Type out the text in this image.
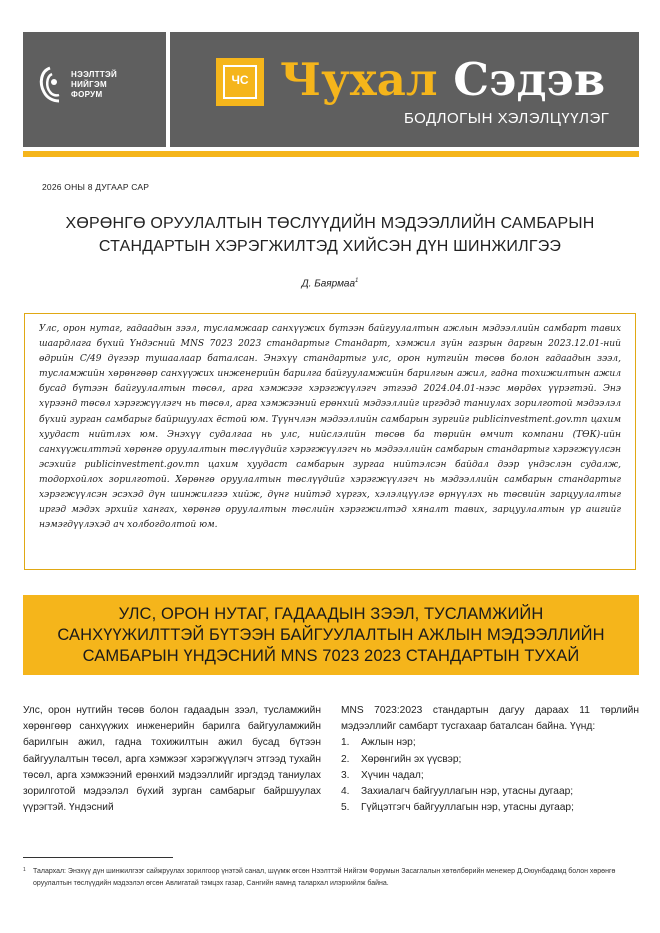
НЭЭЛТТЭЙ
НИЙГЭМ
ФОРУМ
ЧС Чухал Сэдэв
БОДЛОГЫН ХЭЛЭЛЦҮҮЛЭГ
2026 ОНЫ 8 ДУГААР САР
ХӨРӨНГӨ ОРУУЛАЛТЫН ТӨСЛҮҮДИЙН МЭДЭЭЛЛИЙН САМБАРЫН
СТАНДАРТЫН ХЭРЭГЖИЛТЭД ХИЙСЭН ДҮН ШИНЖИЛГЭЭ
Д. Баярмаа$^1$
Улс, орон нутаг, гадаадын зээл, тусламжаар санхүүжих бүтээн байгуулалтын ажлын мэдээллийн самбарт тавих шаардлага бүхий Үндэсний MNS 7023 2023 стандартыг Стандарт, хэмжил зүйн газрын даргын 2023.12.01-ний өдрийн С/49 дүгээр тушаалаар баталсан. Энэхүү стандартыг улс, орон нутгийн төсөв болон гадаадын зээл, тусламжийн хөрөнгөөр санхүүжих инженерийн барилга байгууламжийн барилгын ажил, гадна тохижилтын ажил бусад бүтээн байгуулалтын төсөл, арга хэмжээг хэрэгжүүлэгч этгээд 2024.04.01-нээс мөрдөх үүрэгтэй. Энэ хүрээнд төсөл хэрэгжүүлэгч нь төсөл, арга хэмжээний ерөнхий мэдээллийг иргэдэд таниулах зорилготой мэдээлэл бүхий зурган самбарыг байршуулах ёстой юм. Түүнчлэн мэдээллийн самбарын зургийг publicinvestment.gov.mn цахим хуудаст нийтлэх юм. Энэхүү судалгаа нь улс, нийслэлийн төсөв ба төрийн өмчит компани (ТӨК)-ийн санхүүжилттэй хөрөнгө оруулалтын төслүүдийг хэрэгжүүлэгч нь мэдээллийн самбарын стандартыг хэрэгжүүлсэн эсэхийг publicinvestment.gov.mn цахим хуудаст самбарын зургаа нийтэлсэн байдал дээр үндэслэн судалж, тодорхойлох зорилготой. Хөрөнгө оруулалтын төслүүдийг хэрэгжүүлэгч нь мэдээллийн самбарын стандартыг хэрэгжүүлсэн эсэхэд дүн шинжилгээ хийж, дүнг нийтэд хүргэх, хэлэлцүүлэг өрнүүлэх нь төсвийн зарцуулалтыг иргэд мэдэх эрхийг хангах, хөрөнгө оруулалтын төслийн хэрэгжилтэд хяналт тавих, зарцуулалтын үр ашгийг нэмэгдүүлэхэд ач холбогдолтой юм.
УЛС, ОРОН НУТАГ, ГАДААДЫН ЗЭЭЛ, ТУСЛАМЖИЙН
САНХҮҮЖИЛТТЭЙ БҮТЭЭН БАЙГУУЛАЛТЫН АЖЛЫН МЭДЭЭЛЛИЙН
САМБАРЫН ҮНДЭСНИЙ MNS 7023 2023 СТАНДАРТЫН ТУХАЙ
Улс, орон нутгийн төсөв болон гадаадын зээл, тусламжийн хөрөнгөөр санхүүжих инженерийн барилга байгууламжийн барилгын ажил, гадна тохижилтын ажил бусад бүтээн байгуулалтын төсөл, арга хэмжээг хэрэгжүүлэгч этгээд тухайн төсөл, арга хэмжээний ерөнхий мэдээллийг иргэдэд таниулах зорилготой мэдээлэл бүхий зурган самбарыг байршуулах үүрэгтэй. Үндэсний
MNS 7023:2023 стандартын дагуу дараах 11 төрлийн мэдээллийг самбарт тусгахаар баталсан байна. Үүнд:
1.	Ажлын нэр;
2.	Хөрөнгийн эх үүсвэр;
3.	Хүчин чадал;
4.	Захиалагч байгууллагын нэр, утасны дугаар;
5.	Гүйцэтгэгч байгууллагын нэр, утасны дугаар;
1 Талархал: Энэхүү дүн шинжилгээг сайжруулах зорилгоор үнэтэй санал, шүүмж өгсөн Нээлттэй Нийгэм Форумын Засаглалын хөтөлбөрийн менежер Д.Оюунбадамд болон хөрөнгө оруулалтын төслүүдийн мэдээлэл өгсөн Авлигатай тэмцэх газар, Сангийн яамнд талархал илэрхийлж байна.
